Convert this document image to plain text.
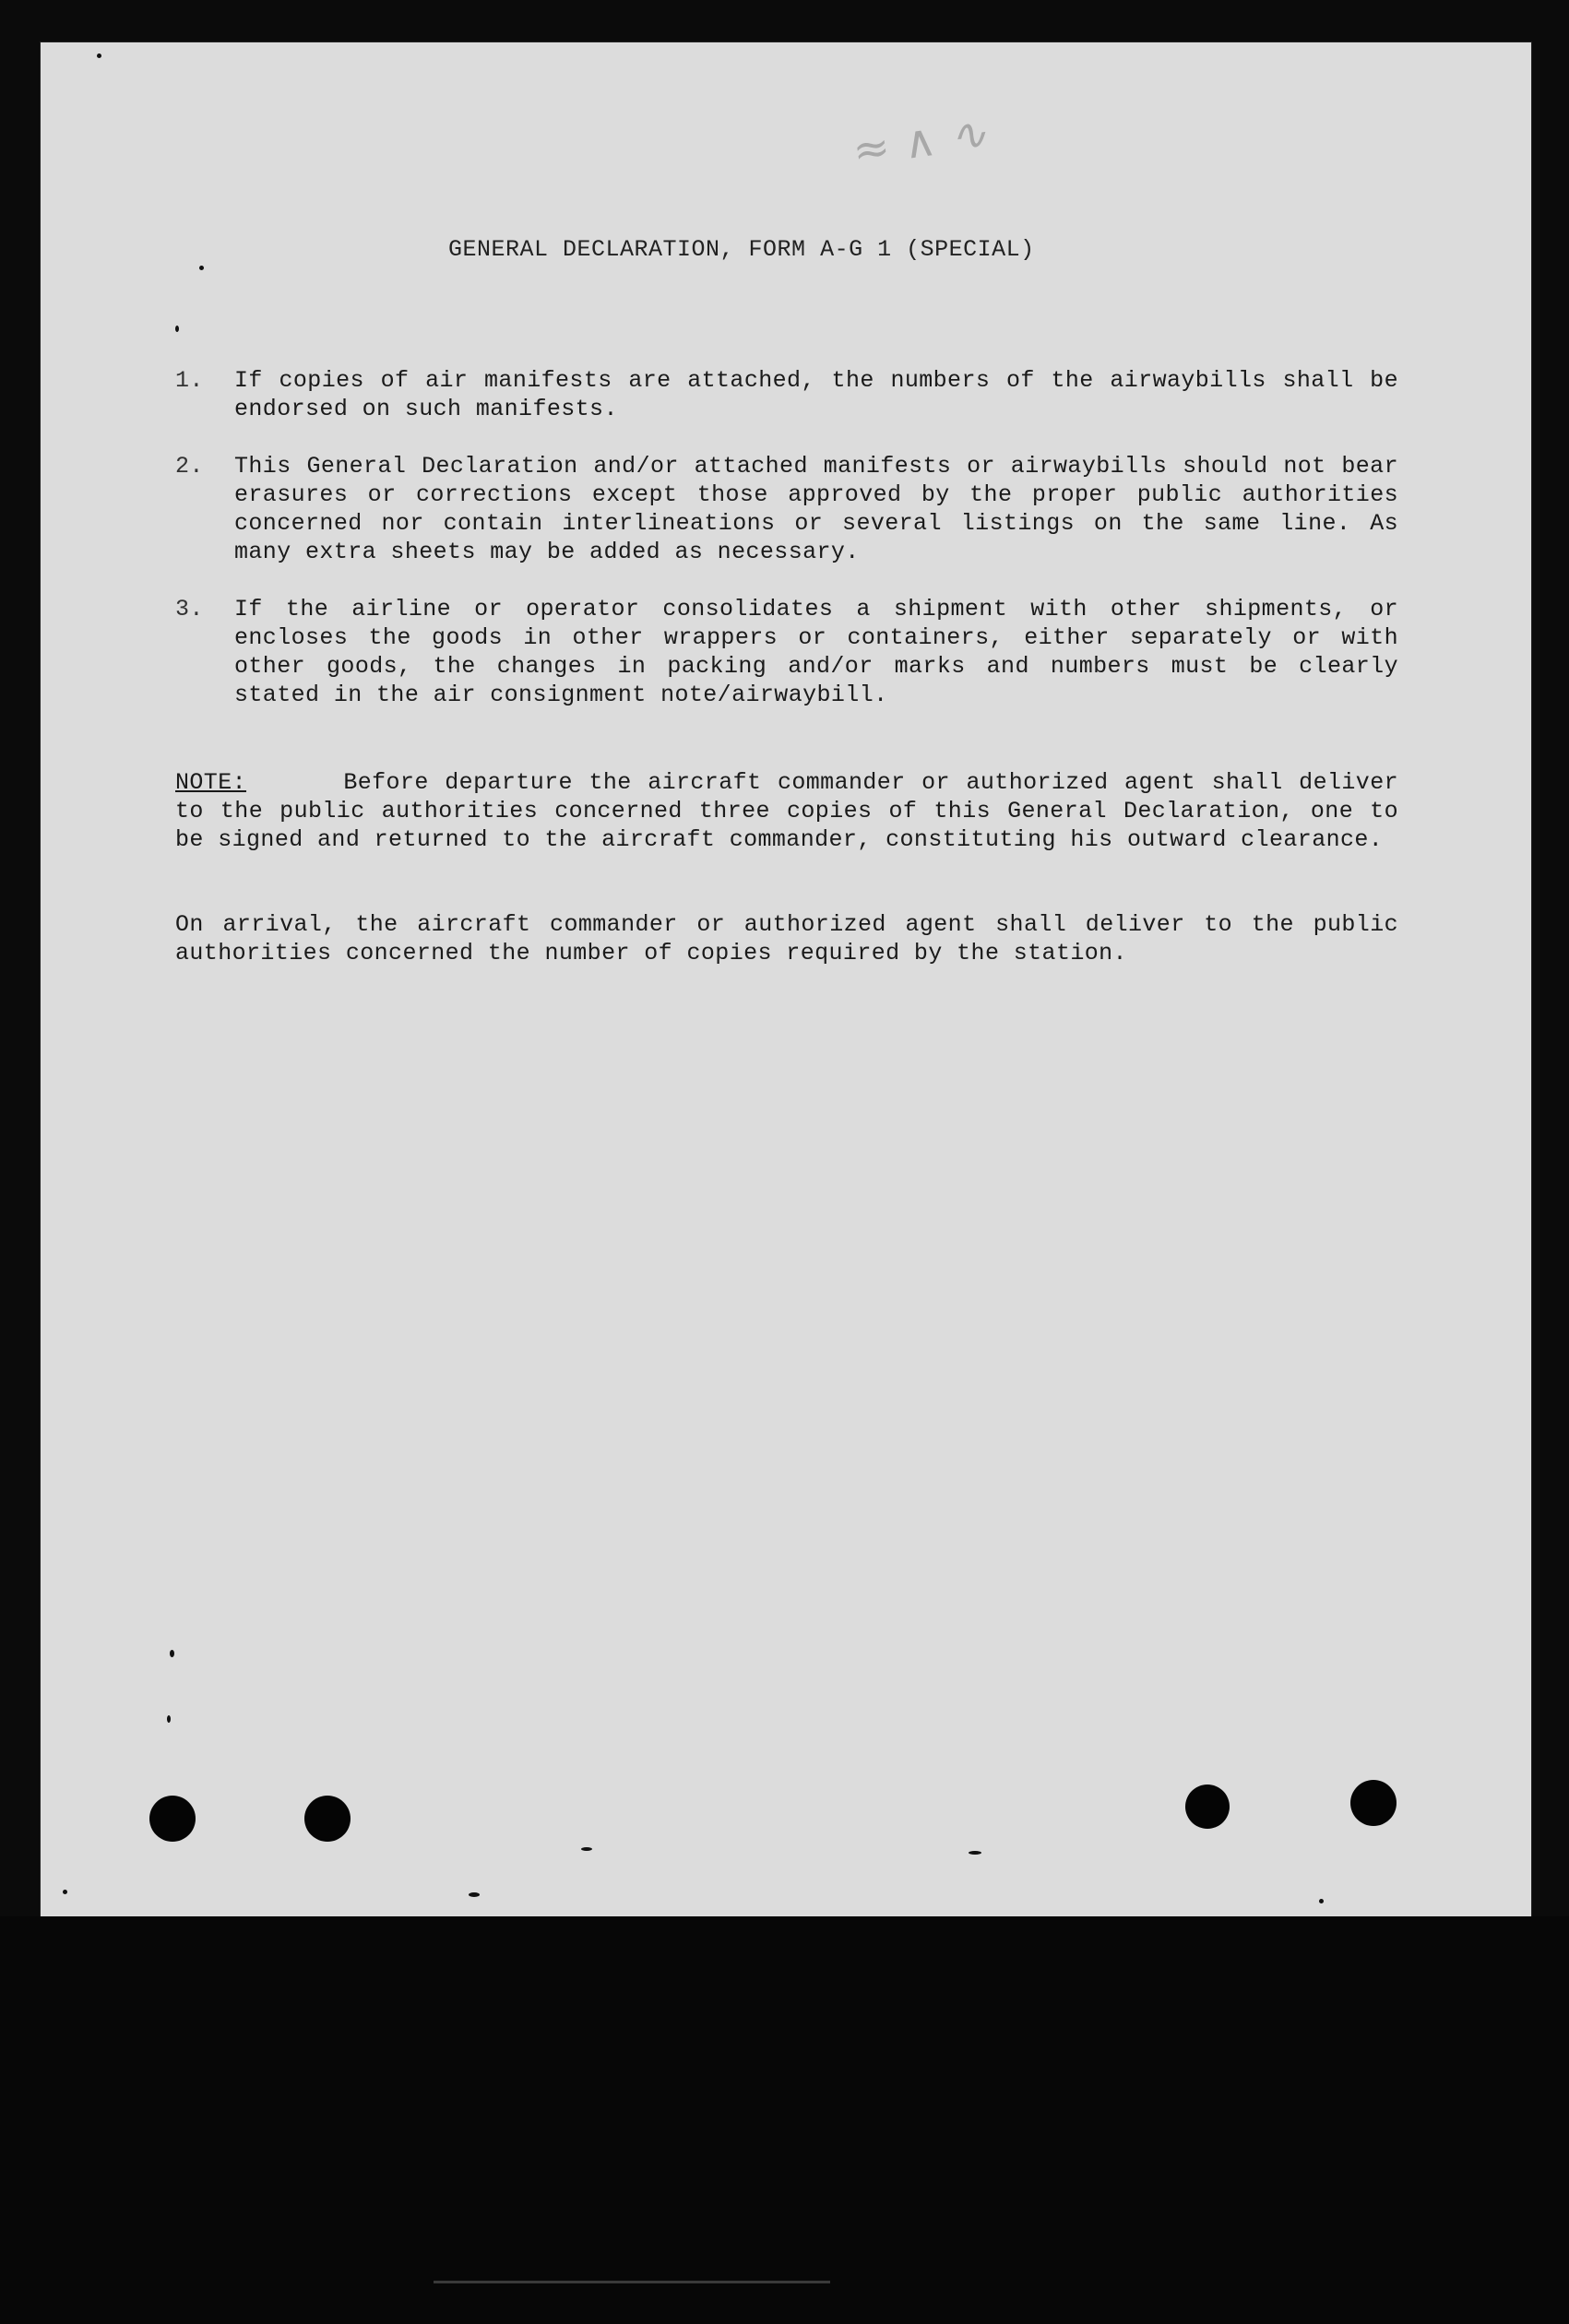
≈ ∧ ∿
GENERAL DECLARATION, FORM A-G 1 (SPECIAL)
1. If copies of air manifests are attached, the numbers of the airwaybills shall be endorsed on such manifests.
2. This General Declaration and/or attached manifests or airwaybills should not bear erasures or corrections except those approved by the proper public authorities concerned nor contain interlineations or several listings on the same line. As many extra sheets may be added as necessary.
3. If the airline or operator consolidates a shipment with other shipments, or encloses the goods in other wrappers or containers, either separately or with other goods, the changes in packing and/or marks and numbers must be clearly stated in the air consignment note/airwaybill.
NOTE:	Before departure the aircraft commander or authorized agent shall deliver to the public authorities concerned three copies of this General Declaration, one to be signed and returned to the aircraft commander, constituting his outward clearance.
On arrival, the aircraft commander or authorized agent shall deliver to the public authorities concerned the number of copies required by the station.
